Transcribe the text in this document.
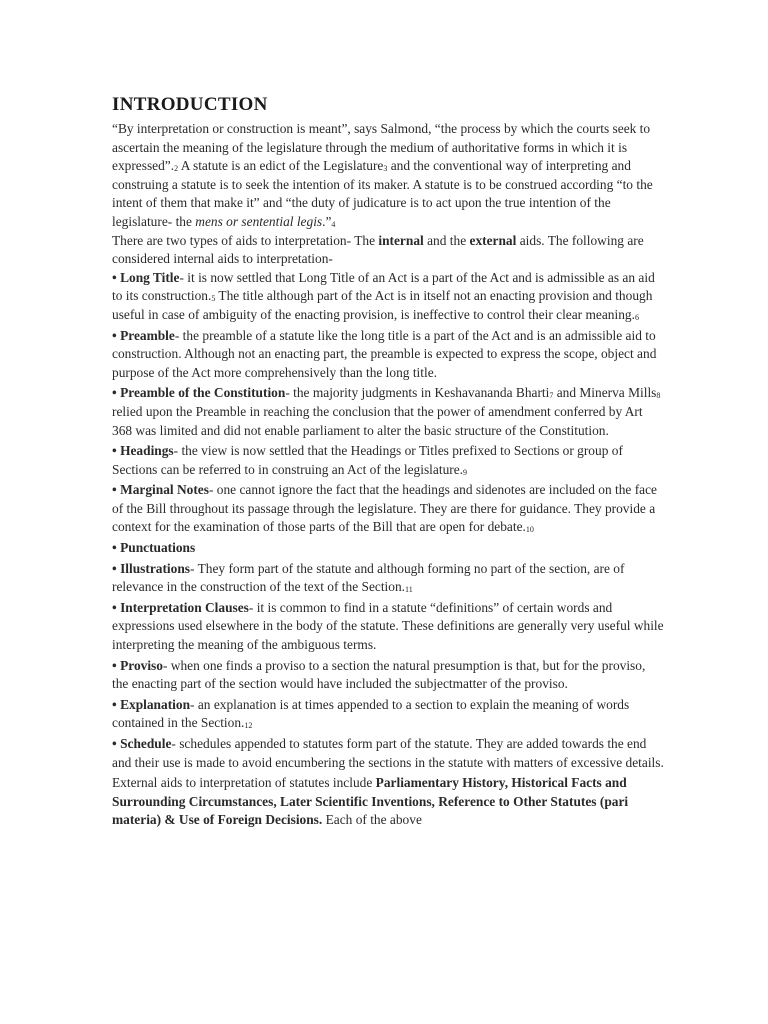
INTRODUCTION

“By interpretation or construction is meant”, says Salmond, “the process by which the courts seek to ascertain the meaning of the legislature through the medium of authoritative forms in which it is expressed”.2 A statute is an edict of the Legislature3 and the conventional way of interpreting and construing a statute is to seek the intention of its maker. A statute is to be construed according “to the intent of them that make it” and “the duty of judicature is to act upon the true intention of the legislature- the mens or sentential legis.”4

There are two types of aids to interpretation- The internal and the external aids. The following are considered internal aids to interpretation-

• Long Title- it is now settled that Long Title of an Act is a part of the Act and is admissible as an aid to its construction.5 The title although part of the Act is in itself not an enacting provision and though useful in case of ambiguity of the enacting provision, is ineffective to control their clear meaning.6

• Preamble- the preamble of a statute like the long title is a part of the Act and is an admissible aid to construction. Although not an enacting part, the preamble is expected to express the scope, object and purpose of the Act more comprehensively than the long title.

• Preamble of the Constitution- the majority judgments in Keshavananda Bharti7 and Minerva Mills8 relied upon the Preamble in reaching the conclusion that the power of amendment conferred by Art 368 was limited and did not enable parliament to alter the basic structure of the Constitution.

• Headings- the view is now settled that the Headings or Titles prefixed to Sections or group of Sections can be referred to in construing an Act of the legislature.9

• Marginal Notes- one cannot ignore the fact that the headings and sidenotes are included on the face of the Bill throughout its passage through the legislature. They are there for guidance. They provide a context for the examination of those parts of the Bill that are open for debate.10

• Punctuations

• Illustrations- They form part of the statute and although forming no part of the section, are of relevance in the construction of the text of the Section.11

• Interpretation Clauses- it is common to find in a statute “definitions” of certain words and expressions used elsewhere in the body of the statute. These definitions are generally very useful while interpreting the meaning of the ambiguous terms.

• Proviso- when one finds a proviso to a section the natural presumption is that, but for the proviso, the enacting part of the section would have included the subjectmatter of the proviso.

• Explanation- an explanation is at times appended to a section to explain the meaning of words contained in the Section.12

• Schedule- schedules appended to statutes form part of the statute. They are added towards the end and their use is made to avoid encumbering the sections in the statute with matters of excessive details.

External aids to interpretation of statutes include Parliamentary History, Historical Facts and Surrounding Circumstances, Later Scientific Inventions, Reference to Other Statutes (pari materia) & Use of Foreign Decisions. Each of the above
